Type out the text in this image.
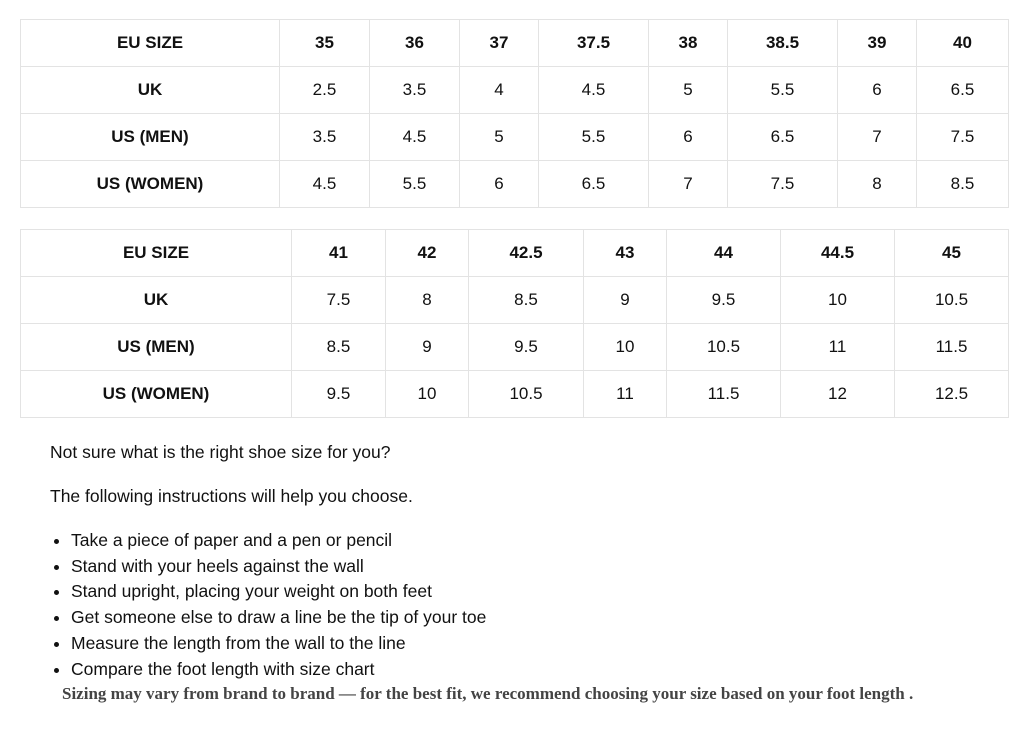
EU SIZE	35	36	37	37.5	38	38.5	39	40
UK	2.5	3.5	4	4.5	5	5.5	6	6.5
US (MEN)	3.5	4.5	5	5.5	6	6.5	7	7.5
US (WOMEN)	4.5	5.5	6	6.5	7	7.5	8	8.5
EU SIZE	41	42	42.5	43	44	44.5	45
UK	7.5	8	8.5	9	9.5	10	10.5
US (MEN)	8.5	9	9.5	10	10.5	11	11.5
US (WOMEN)	9.5	10	10.5	11	11.5	12	12.5

Not sure what is the right shoe size for you?

The following instructions will help you choose.

• Take a piece of paper and a pen or pencil
• Stand with your heels against the wall
• Stand upright, placing your weight on both feet
• Get someone else to draw a line be the tip of your toe
• Measure the length from the wall to the line
• Compare the foot length with size chart
Sizing may vary from brand to brand — for the best fit, we recommend choosing your size based on your foot length .
